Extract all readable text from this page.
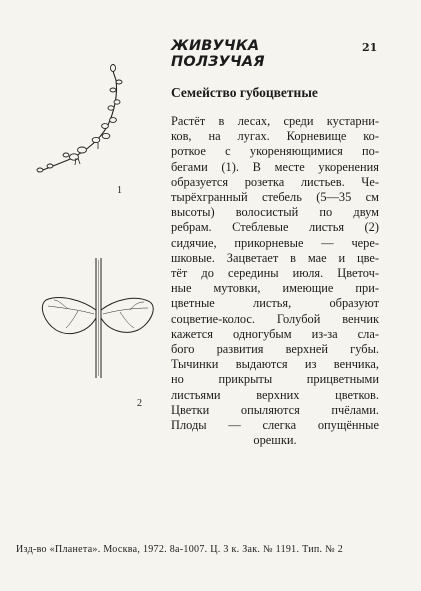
21
ЖИВУЧКА
ПОЛЗУЧАЯ
Семейство губоцветные
Растёт в лесах, среди кустарни-
ков, на лугах. Корневище ко-
роткое с укореняющимися по-
бегами (1). В месте укоренения
образуется розетка листьев. Че-
тырёхгранный стебель (5—35 см
высоты) волосистый по двум
ребрам. Стеблевые листья (2)
сидячие, прикорневые — чере-
шковые. Зацветает в мае и цве-
тёт до середины июля. Цветоч-
ные мутовки, имеющие при-
цветные листья, образуют
соцветие-колос. Голубой венчик
кажется одногубым из-за сла-
бого развития верхней губы.
Тычинки выдаются из венчика,
но прикрыты прицветными
листьями верхних цветков.
Цветки опыляются пчёлами.
Плоды — слегка опущённые
орешки.
1
2
Изд-во «Планета». Москва, 1972. 8а-1007. Ц. 3 к. Зак. № 1191. Тип. № 2
